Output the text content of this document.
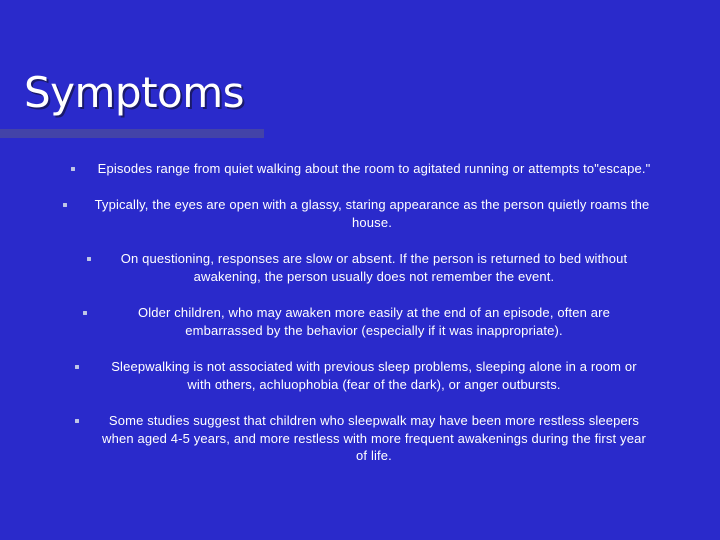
Symptoms
Episodes range from quiet walking about the room to agitated running or attempts to"escape."
Typically, the eyes are open with a glassy, staring appearance as the person quietly roams the house.
On questioning, responses are slow or absent. If the person is returned to bed without awakening, the person usually does not remember the event.
Older children, who may awaken more easily at the end of an episode, often are embarrassed by the behavior (especially if it was inappropriate).
Sleepwalking is not associated with previous sleep problems, sleeping alone in a room or with others, achluophobia (fear of the dark), or anger outbursts.
Some studies suggest that children who sleepwalk may have been more restless sleepers when aged 4-5 years, and more restless with more frequent awakenings during the first year of life.
